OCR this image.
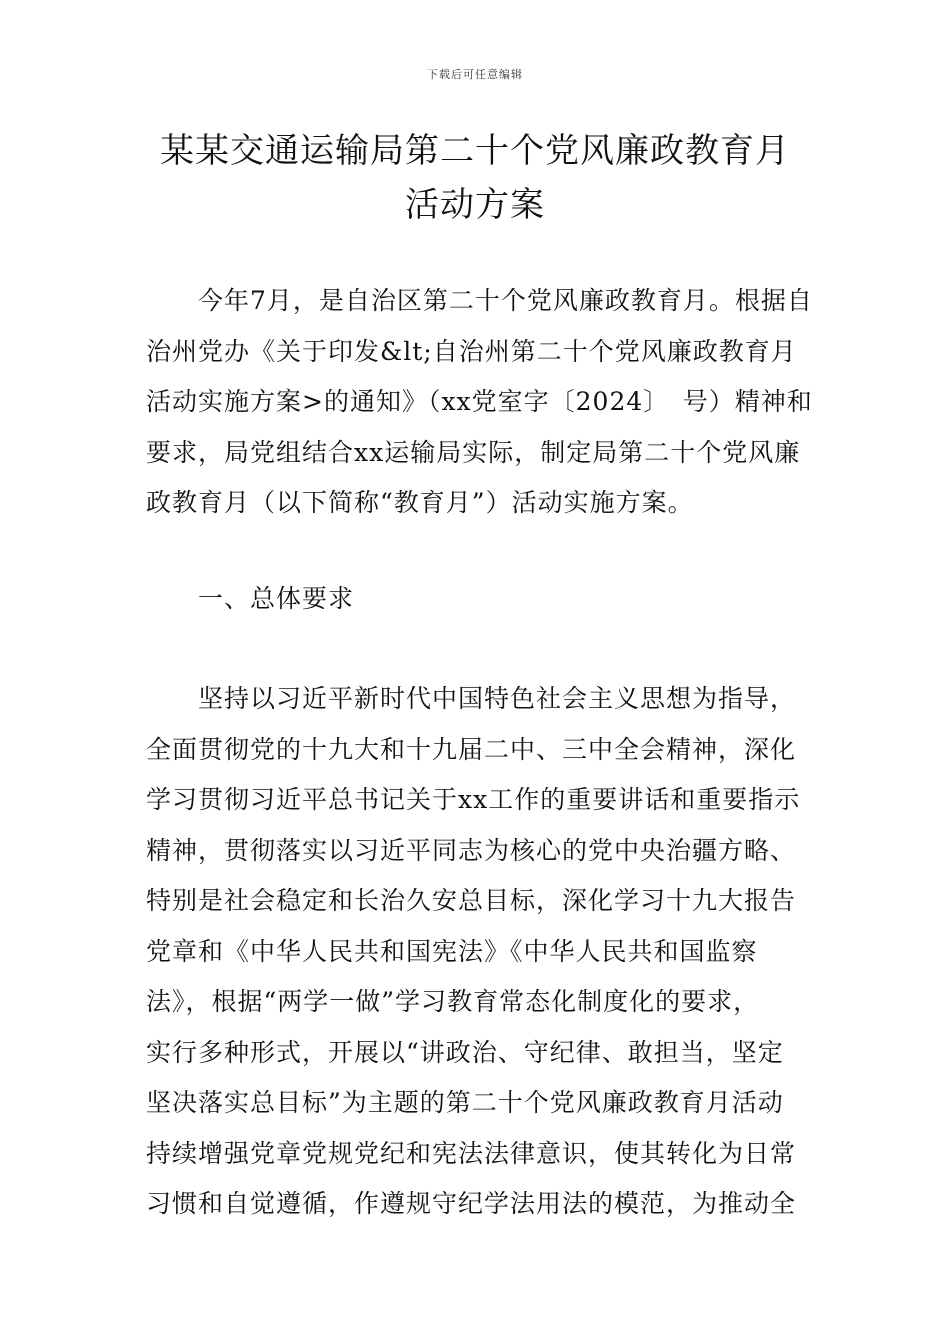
下载后可任意编辑
某某交通运输局第二十个党风廉政教育月
活动方案
　　今年7月，是自治区第二十个党风廉政教育月。根据自
治州党办《关于印发&lt;自治州第二十个党风廉政教育月
活动实施方案>的通知》（xx党室字〔2024〕　号）精神和
要求，局党组结合xx运输局实际，制定局第二十个党风廉
政教育月（以下简称“教育月”）活动实施方案。
　　一、总体要求
　　坚持以习近平新时代中国特色社会主义思想为指导，
全面贯彻党的十九大和十九届二中、三中全会精神，深化
学习贯彻习近平总书记关于xx工作的重要讲话和重要指示
精神，贯彻落实以习近平同志为核心的党中央治疆方略、
特别是社会稳定和长治久安总目标，深化学习十九大报告
党章和《中华人民共和国宪法》《中华人民共和国监察
法》，根据“两学一做”学习教育常态化制度化的要求，
实行多种形式，开展以“讲政治、守纪律、敢担当，坚定
坚决落实总目标”为主题的第二十个党风廉政教育月活动
持续增强党章党规党纪和宪法法律意识，使其转化为日常
习惯和自觉遵循，作遵规守纪学法用法的模范，为推动全
